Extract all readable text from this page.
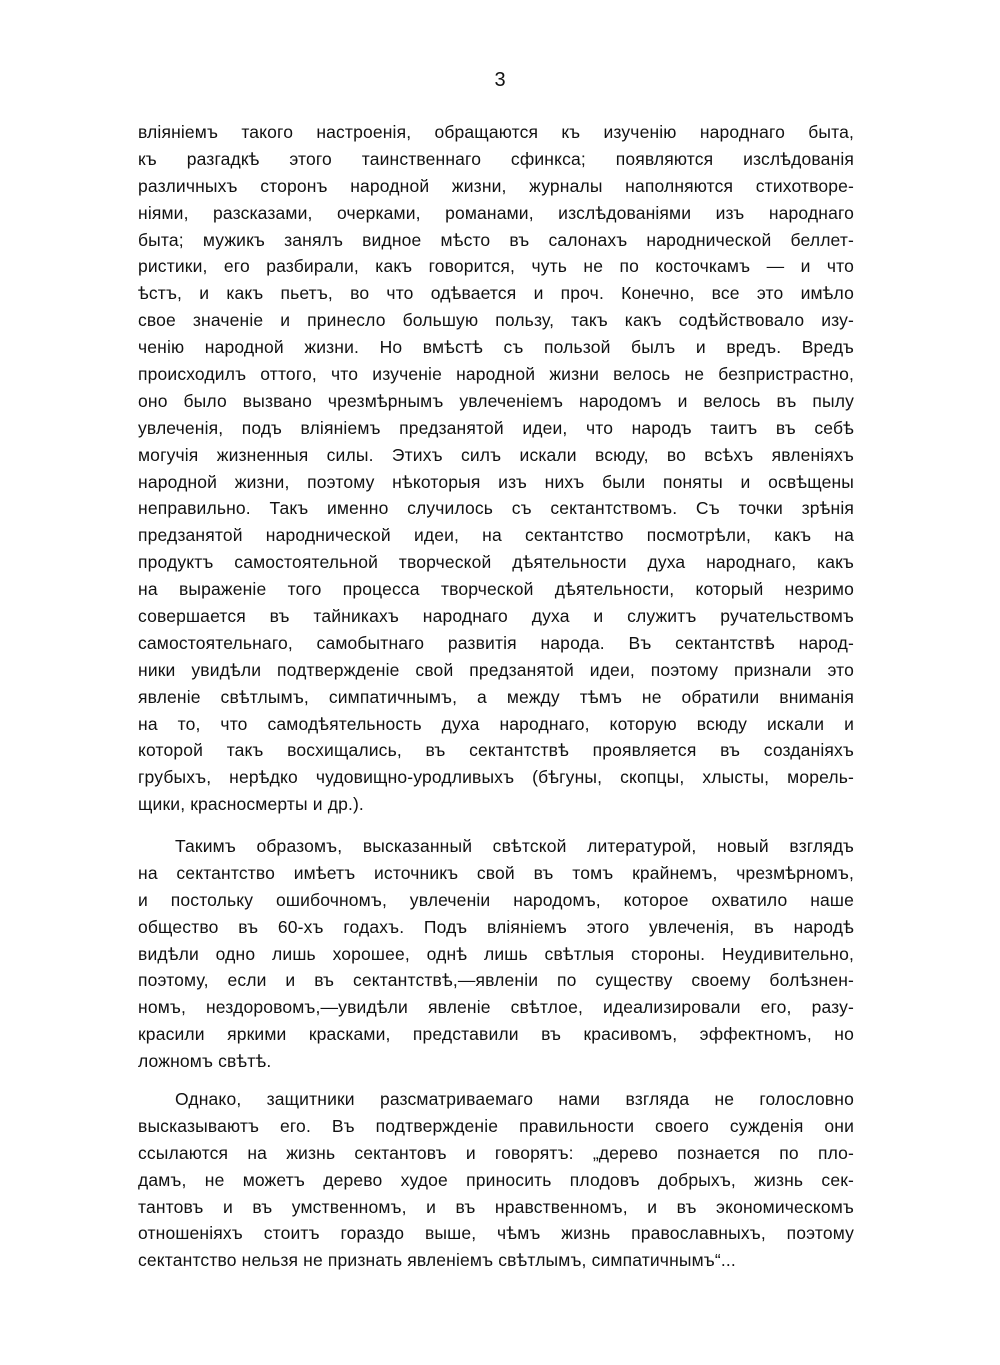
3
вліяніемъ такого настроенія, обращаются къ изученію народнаго быта,
къ разгадкѣ этого таинственнаго сфинкса; появляются изслѣдованія
различныхъ сторонъ народной жизни, журналы наполняются стихотворе-
ніями, разсказами, очерками, романами, изслѣдованіями изъ народнаго
быта; мужикъ занялъ видное мѣсто въ салонахъ народнической беллет-
ристики, его разбирали, какъ говорится, чуть не по косточкамъ — и что
ѣстъ, и какъ пьетъ, во что одѣвается и проч. Конечно, все это имѣло
свое значеніе и принесло большую пользу, такъ какъ содѣйствовало изу-
ченію народной жизни. Но вмѣстѣ съ пользой былъ и вредъ. Вредъ
происходилъ оттого, что изученіе народной жизни велось не безпристрастно,
оно было вызвано чрезмѣрнымъ увлеченіемъ народомъ и велось въ пылу
увлеченія, подъ вліяніемъ предзанятой идеи, что народъ таитъ въ себѣ
могучія жизненныя силы. Этихъ силъ искали всюду, во всѣхъ явленіяхъ
народной жизни, поэтому нѣкоторыя изъ нихъ были поняты и освѣщены
неправильно. Такъ именно случилось съ сектантствомъ. Съ точки зрѣнія
предзанятой народнической идеи, на сектантство посмотрѣли, какъ на
продуктъ самостоятельной творческой дѣятельности духа народнаго, какъ
на выраженіе того процесса творческой дѣятельности, который незримо
совершается въ тайникахъ народнаго духа и служитъ ручательствомъ
самостоятельнаго, самобытнаго развитія народа. Въ сектантствѣ народ-
ники увидѣли подтвержденіе свой предзанятой идеи, поэтому признали это
явленіе свѣтлымъ, симпатичнымъ, а между тѣмъ не обратили вниманія
на то, что самодѣятельность духа народнаго, которую всюду искали и
которой такъ восхищались, въ сектантствѣ проявляется въ созданіяхъ
грубыхъ, нерѣдко чудовищно-уродливыхъ (бѣгуны, скопцы, хлысты, морель-
щики, красносмерты и др.).
Такимъ образомъ, высказанный свѣтской литературой, новый взглядъ
на сектантство имѣетъ источникъ свой въ томъ крайнемъ, чрезмѣрномъ,
и постольку ошибочномъ, увлеченіи народомъ, которое охватило наше
общество въ 60-хъ годахъ. Подъ вліяніемъ этого увлеченія, въ народѣ
видѣли одно лишь хорошее, однѣ лишь свѣтлыя стороны. Неудивительно,
поэтому, если и въ сектантствѣ,—явленіи по существу своему болѣзнен-
номъ, нездоровомъ,—увидѣли явленіе свѣтлое, идеализировали его, разу-
красили яркими красками, представили въ красивомъ, эффектномъ, но
ложномъ свѣтѣ.
Однако, защитники разсматриваемаго нами взгляда не голословно
высказываютъ его. Въ подтвержденіе правильности своего сужденія они
ссылаются на жизнь сектантовъ и говорятъ: „дерево познается по пло-
дамъ, не можетъ дерево худое приносить плодовъ добрыхъ, жизнь сек-
тантовъ и въ умственномъ, и въ нравственномъ, и въ экономическомъ
отношеніяхъ стоитъ гораздо выше, чѣмъ жизнь православныхъ, поэтому
сектантство нельзя не признать явленіемъ свѣтлымъ, симпатичнымъ“...
